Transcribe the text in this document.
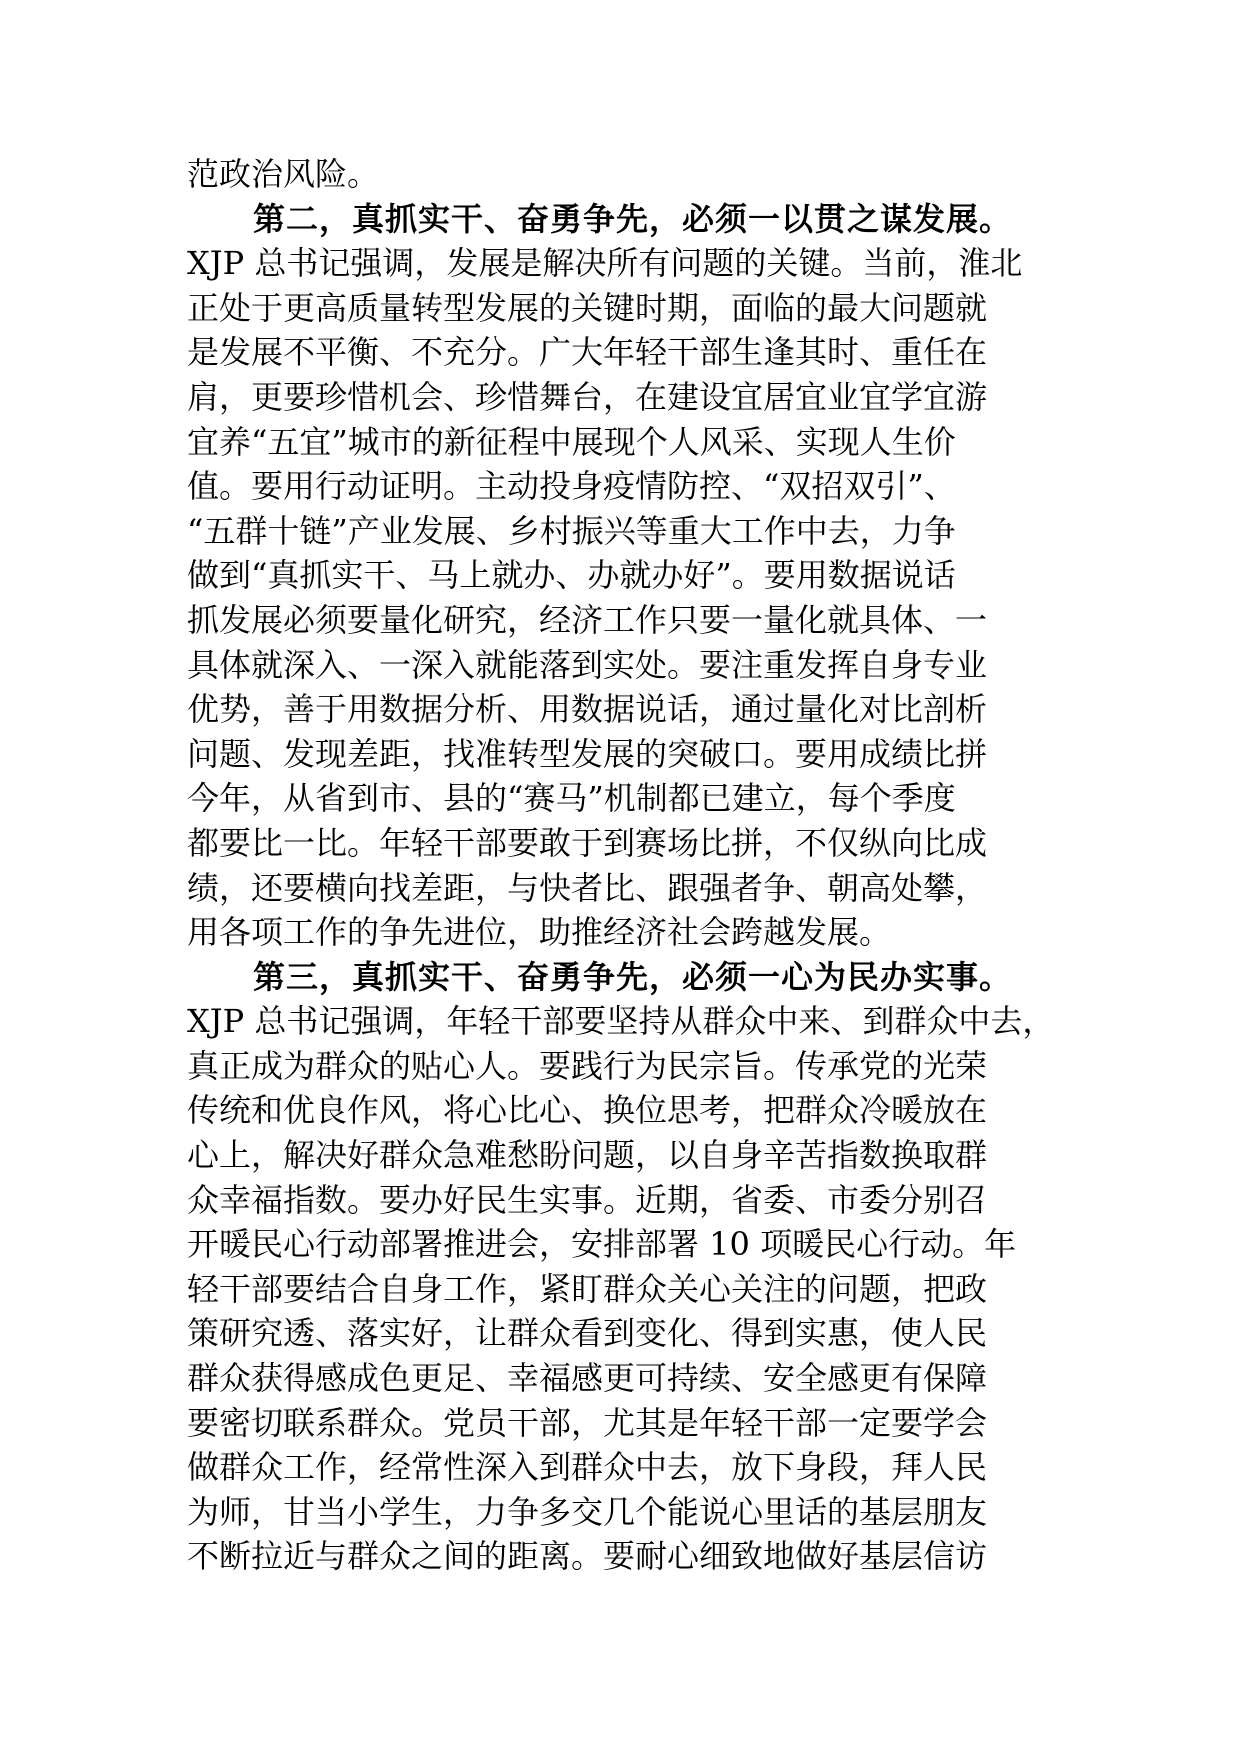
范政治风险。
第二，真抓实干、奋勇争先，必须一以贯之谋发展。
XJP 总书记强调，发展是解决所有问题的关键。当前，淮北
正处于更高质量转型发展的关键时期，面临的最大问题就
是发展不平衡、不充分。广大年轻干部生逢其时、重任在
肩，更要珍惜机会、珍惜舞台，在建设宜居宜业宜学宜游
宜养“五宜”城市的新征程中展现个人风采、实现人生价
值。要用行动证明。主动投身疫情防控、“双招双引”、
“五群十链”产业发展、乡村振兴等重大工作中去，力争
做到“真抓实干、马上就办、办就办好”。要用数据说话
抓发展必须要量化研究，经济工作只要一量化就具体、一
具体就深入、一深入就能落到实处。要注重发挥自身专业
优势，善于用数据分析、用数据说话，通过量化对比剖析
问题、发现差距，找准转型发展的突破口。要用成绩比拼
今年，从省到市、县的“赛马”机制都已建立，每个季度
都要比一比。年轻干部要敢于到赛场比拼，不仅纵向比成
绩，还要横向找差距，与快者比、跟强者争、朝高处攀，
用各项工作的争先进位，助推经济社会跨越发展。
第三，真抓实干、奋勇争先，必须一心为民办实事。
XJP 总书记强调，年轻干部要坚持从群众中来、到群众中去，
真正成为群众的贴心人。要践行为民宗旨。传承党的光荣
传统和优良作风，将心比心、换位思考，把群众冷暖放在
心上，解决好群众急难愁盼问题，以自身辛苦指数换取群
众幸福指数。要办好民生实事。近期，省委、市委分别召
开暖民心行动部署推进会，安排部署 10 项暖民心行动。年
轻干部要结合自身工作，紧盯群众关心关注的问题，把政
策研究透、落实好，让群众看到变化、得到实惠，使人民
群众获得感成色更足、幸福感更可持续、安全感更有保障
要密切联系群众。党员干部，尤其是年轻干部一定要学会
做群众工作，经常性深入到群众中去，放下身段，拜人民
为师，甘当小学生，力争多交几个能说心里话的基层朋友
不断拉近与群众之间的距离。要耐心细致地做好基层信访
